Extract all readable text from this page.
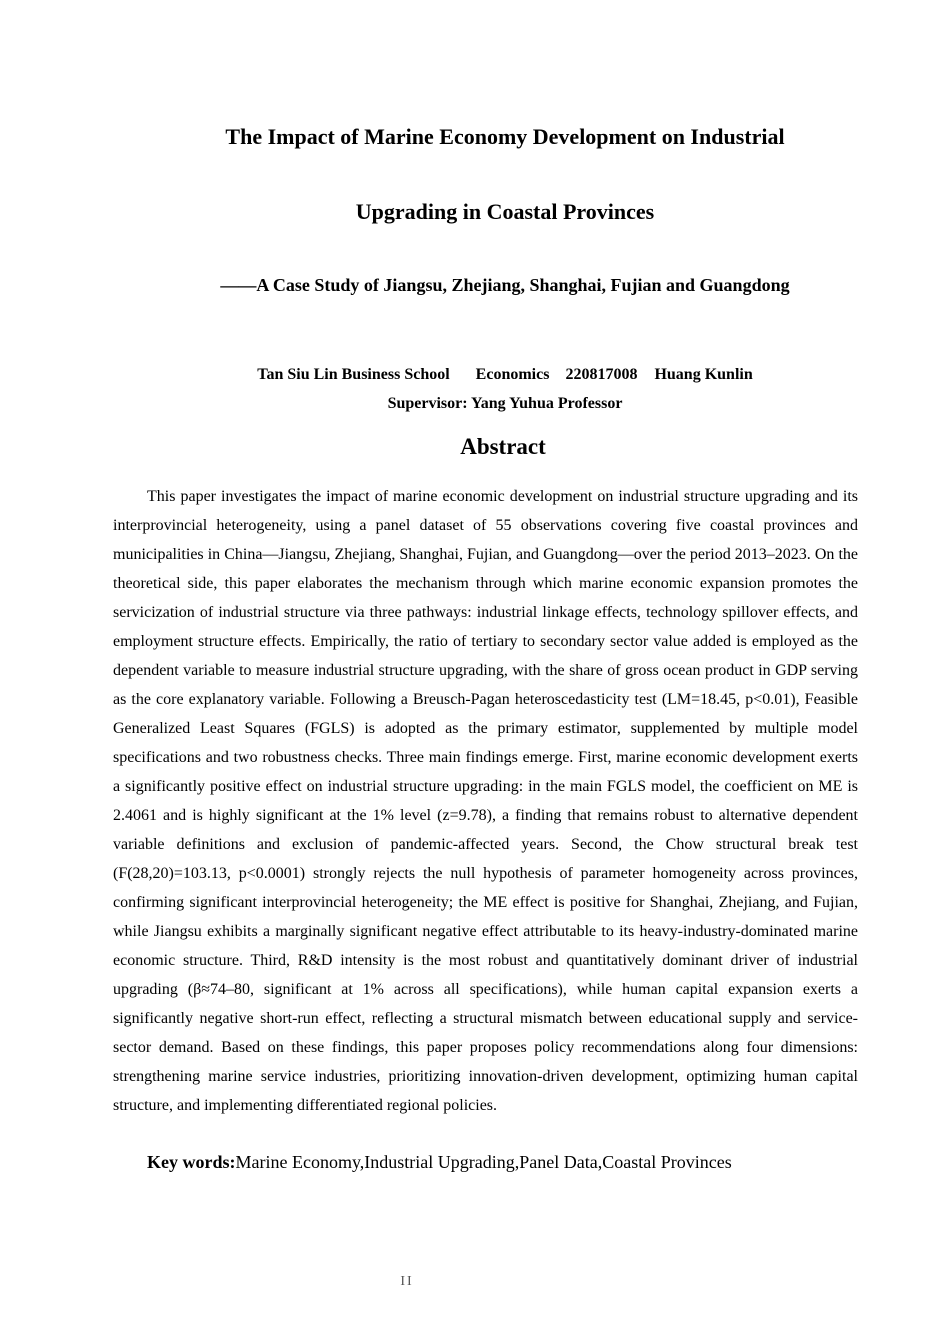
The Impact of Marine Economy Development on Industrial
Upgrading in Coastal Provinces
——A Case Study of Jiangsu, Zhejiang, Shanghai, Fujian and Guangdong
Tan Siu Lin Business School Economics 220817008 Huang Kunlin
Supervisor: Yang Yuhua Professor
Abstract

This paper investigates the impact of marine economic development on industrial structure upgrading and its interprovincial heterogeneity, using a panel dataset of 55 observations covering five coastal provinces and municipalities in China—Jiangsu, Zhejiang, Shanghai, Fujian, and Guangdong—over the period 2013–2023. On the theoretical side, this paper elaborates the mechanism through which marine economic expansion promotes the servicization of industrial structure via three pathways: industrial linkage effects, technology spillover effects, and employment structure effects. Empirically, the ratio of tertiary to secondary sector value added is employed as the dependent variable to measure industrial structure upgrading, with the share of gross ocean product in GDP serving as the core explanatory variable. Following a Breusch-Pagan heteroscedasticity test (LM=18.45, p<0.01), Feasible Generalized Least Squares (FGLS) is adopted as the primary estimator, supplemented by multiple model specifications and two robustness checks. Three main findings emerge. First, marine economic development exerts a significantly positive effect on industrial structure upgrading: in the main FGLS model, the coefficient on ME is 2.4061 and is highly significant at the 1% level (z=9.78), a finding that remains robust to alternative dependent variable definitions and exclusion of pandemic-affected years. Second, the Chow structural break test (F(28,20)=103.13, p<0.0001) strongly rejects the null hypothesis of parameter homogeneity across provinces, confirming significant interprovincial heterogeneity; the ME effect is positive for Shanghai, Zhejiang, and Fujian, while Jiangsu exhibits a marginally significant negative effect attributable to its heavy-industry-dominated marine economic structure. Third, R&D intensity is the most robust and quantitatively dominant driver of industrial upgrading (β≈74–80, significant at 1% across all specifications), while human capital expansion exerts a significantly negative short-run effect, reflecting a structural mismatch between educational supply and service-sector demand. Based on these findings, this paper proposes policy recommendations along four dimensions: strengthening marine service industries, prioritizing innovation-driven development, optimizing human capital structure, and implementing differentiated regional policies.

Key words:Marine Economy,Industrial Upgrading,Panel Data,Coastal Provinces
II
